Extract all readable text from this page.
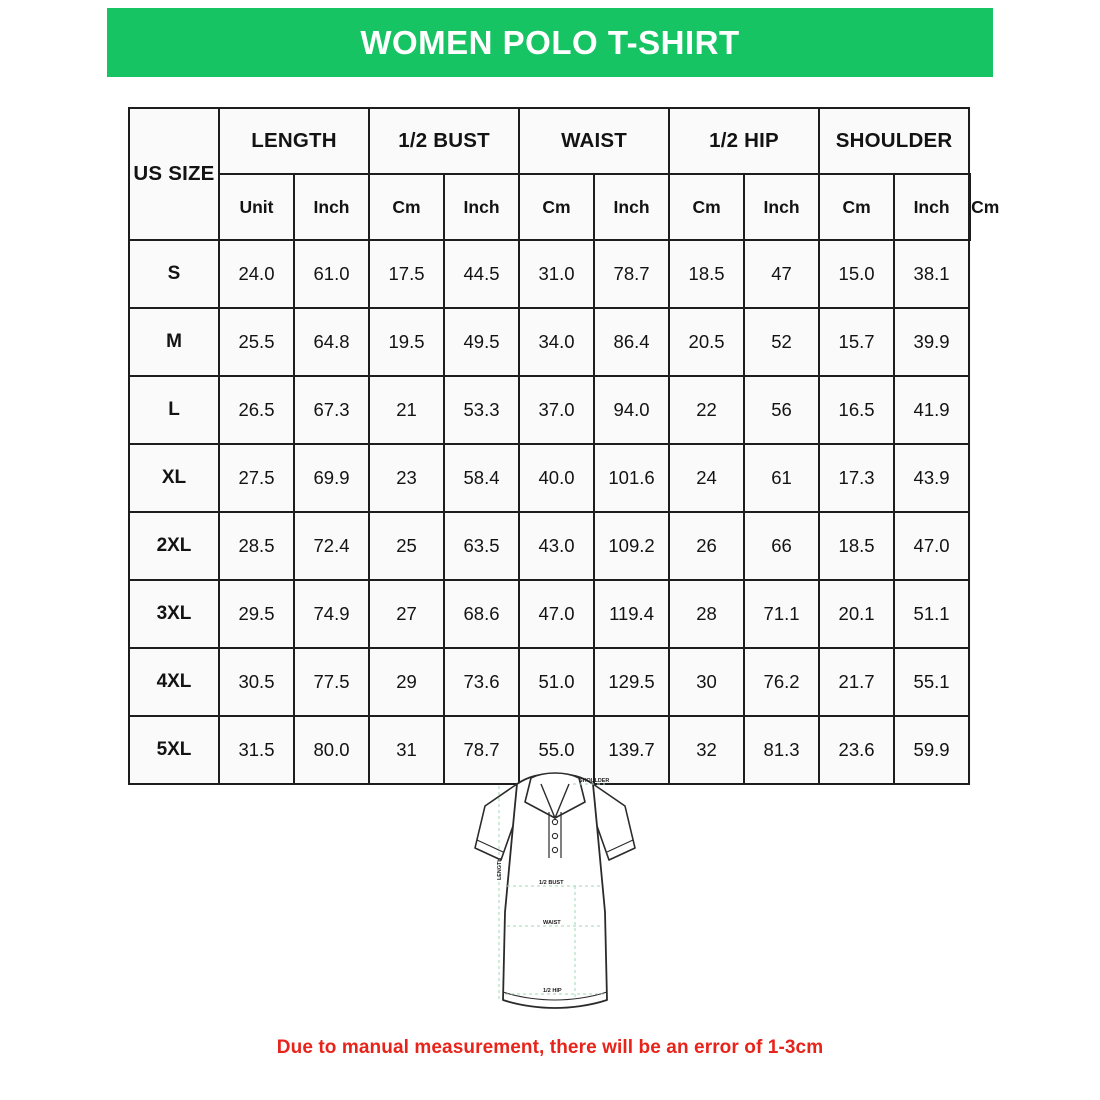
WOMEN POLO T-SHIRT
US SIZE	LENGTH		1/2 BUST		WAIST		1/2 HIP		SHOULDER		
	Unit	Inch	Cm	Inch	Cm	Inch	Cm	Inch	Cm	Inch	Cm
S	24.0	61.0	17.5	44.5	31.0	78.7	18.5	47	15.0	38.1	
M	25.5	64.8	19.5	49.5	34.0	86.4	20.5	52	15.7	39.9	
L	26.5	67.3	21	53.3	37.0	94.0	22	56	16.5	41.9	
XL	27.5	69.9	23	58.4	40.0	101.6	24	61	17.3	43.9	
2XL	28.5	72.4	25	63.5	43.0	109.2	26	66	18.5	47.0	
3XL	29.5	74.9	27	68.6	47.0	119.4	28	71.1	20.1	51.1	
4XL	30.5	77.5	29	73.6	51.0	129.5	30	76.2	21.7	55.1	
5XL	31.5	80.0	31	78.7	55.0	139.7	32	81.3	23.6	59.9	
SHOULDER
LENGTH
1/2 BUST
WAIST
1/2 HIP
Due to manual measurement, there will be an error of 1-3cm
